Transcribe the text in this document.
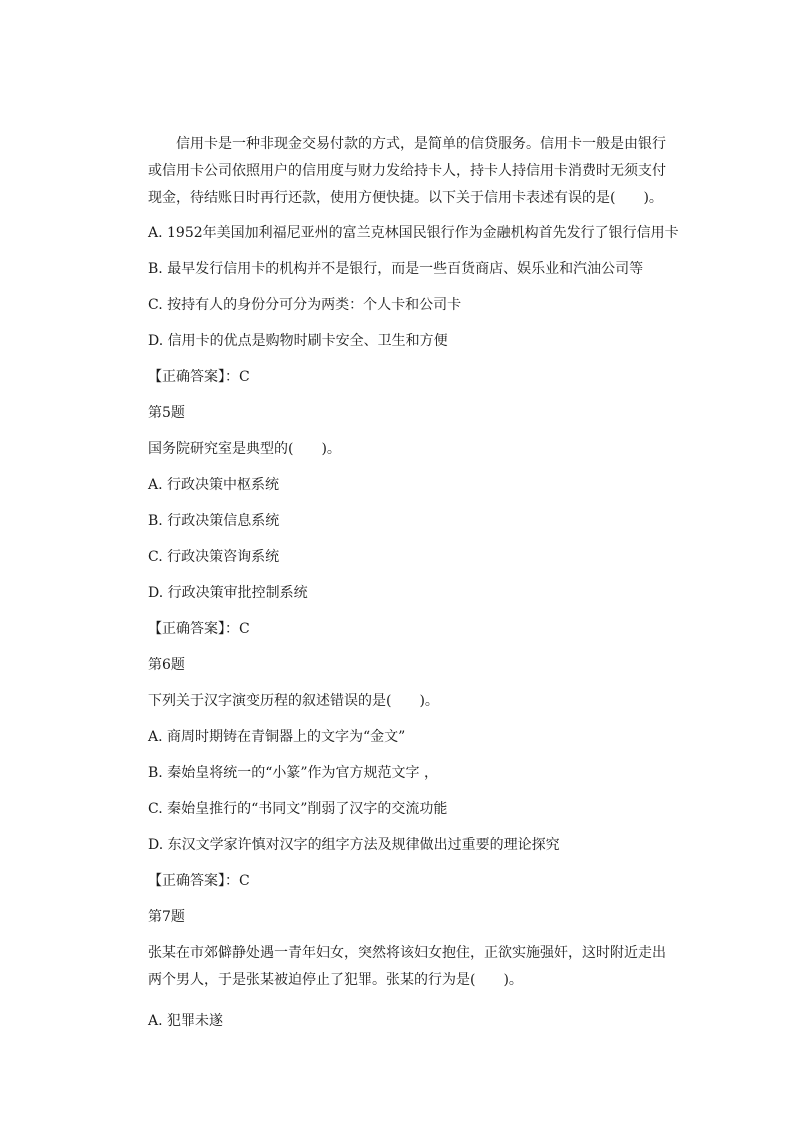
信用卡是一种非现金交易付款的方式，是简单的信贷服务。信用卡一般是由银行或信用卡公司依照用户的信用度与财力发给持卡人，持卡人持信用卡消费时无须支付现金，待结账日时再行还款，使用方便快捷。以下关于信用卡表述有误的是(　　)。
A. 1952年美国加利福尼亚州的富兰克林国民银行作为金融机构首先发行了银行信用卡
B. 最早发行信用卡的机构并不是银行，而是一些百货商店、娱乐业和汽油公司等
C. 按持有人的身份分可分为两类：个人卡和公司卡
D. 信用卡的优点是购物时刷卡安全、卫生和方便
【正确答案】：C
第5题
国务院研究室是典型的(　　)。
A. 行政决策中枢系统
B. 行政决策信息系统
C. 行政决策咨询系统
D. 行政决策审批控制系统
【正确答案】：C
第6题
下列关于汉字演变历程的叙述错误的是(　　)。
A. 商周时期铸在青铜器上的文字为“金文”
B. 秦始皇将统一的“小篆”作为官方规范文字 ，
C. 秦始皇推行的“书同文”削弱了汉字的交流功能
D. 东汉文学家许慎对汉字的组字方法及规律做出过重要的理论探究
【正确答案】：C
第7题
张某在市郊僻静处遇一青年妇女，突然将该妇女抱住，正欲实施强奸，这时附近走出两个男人，于是张某被迫停止了犯罪。张某的行为是(　　)。
A. 犯罪未遂
